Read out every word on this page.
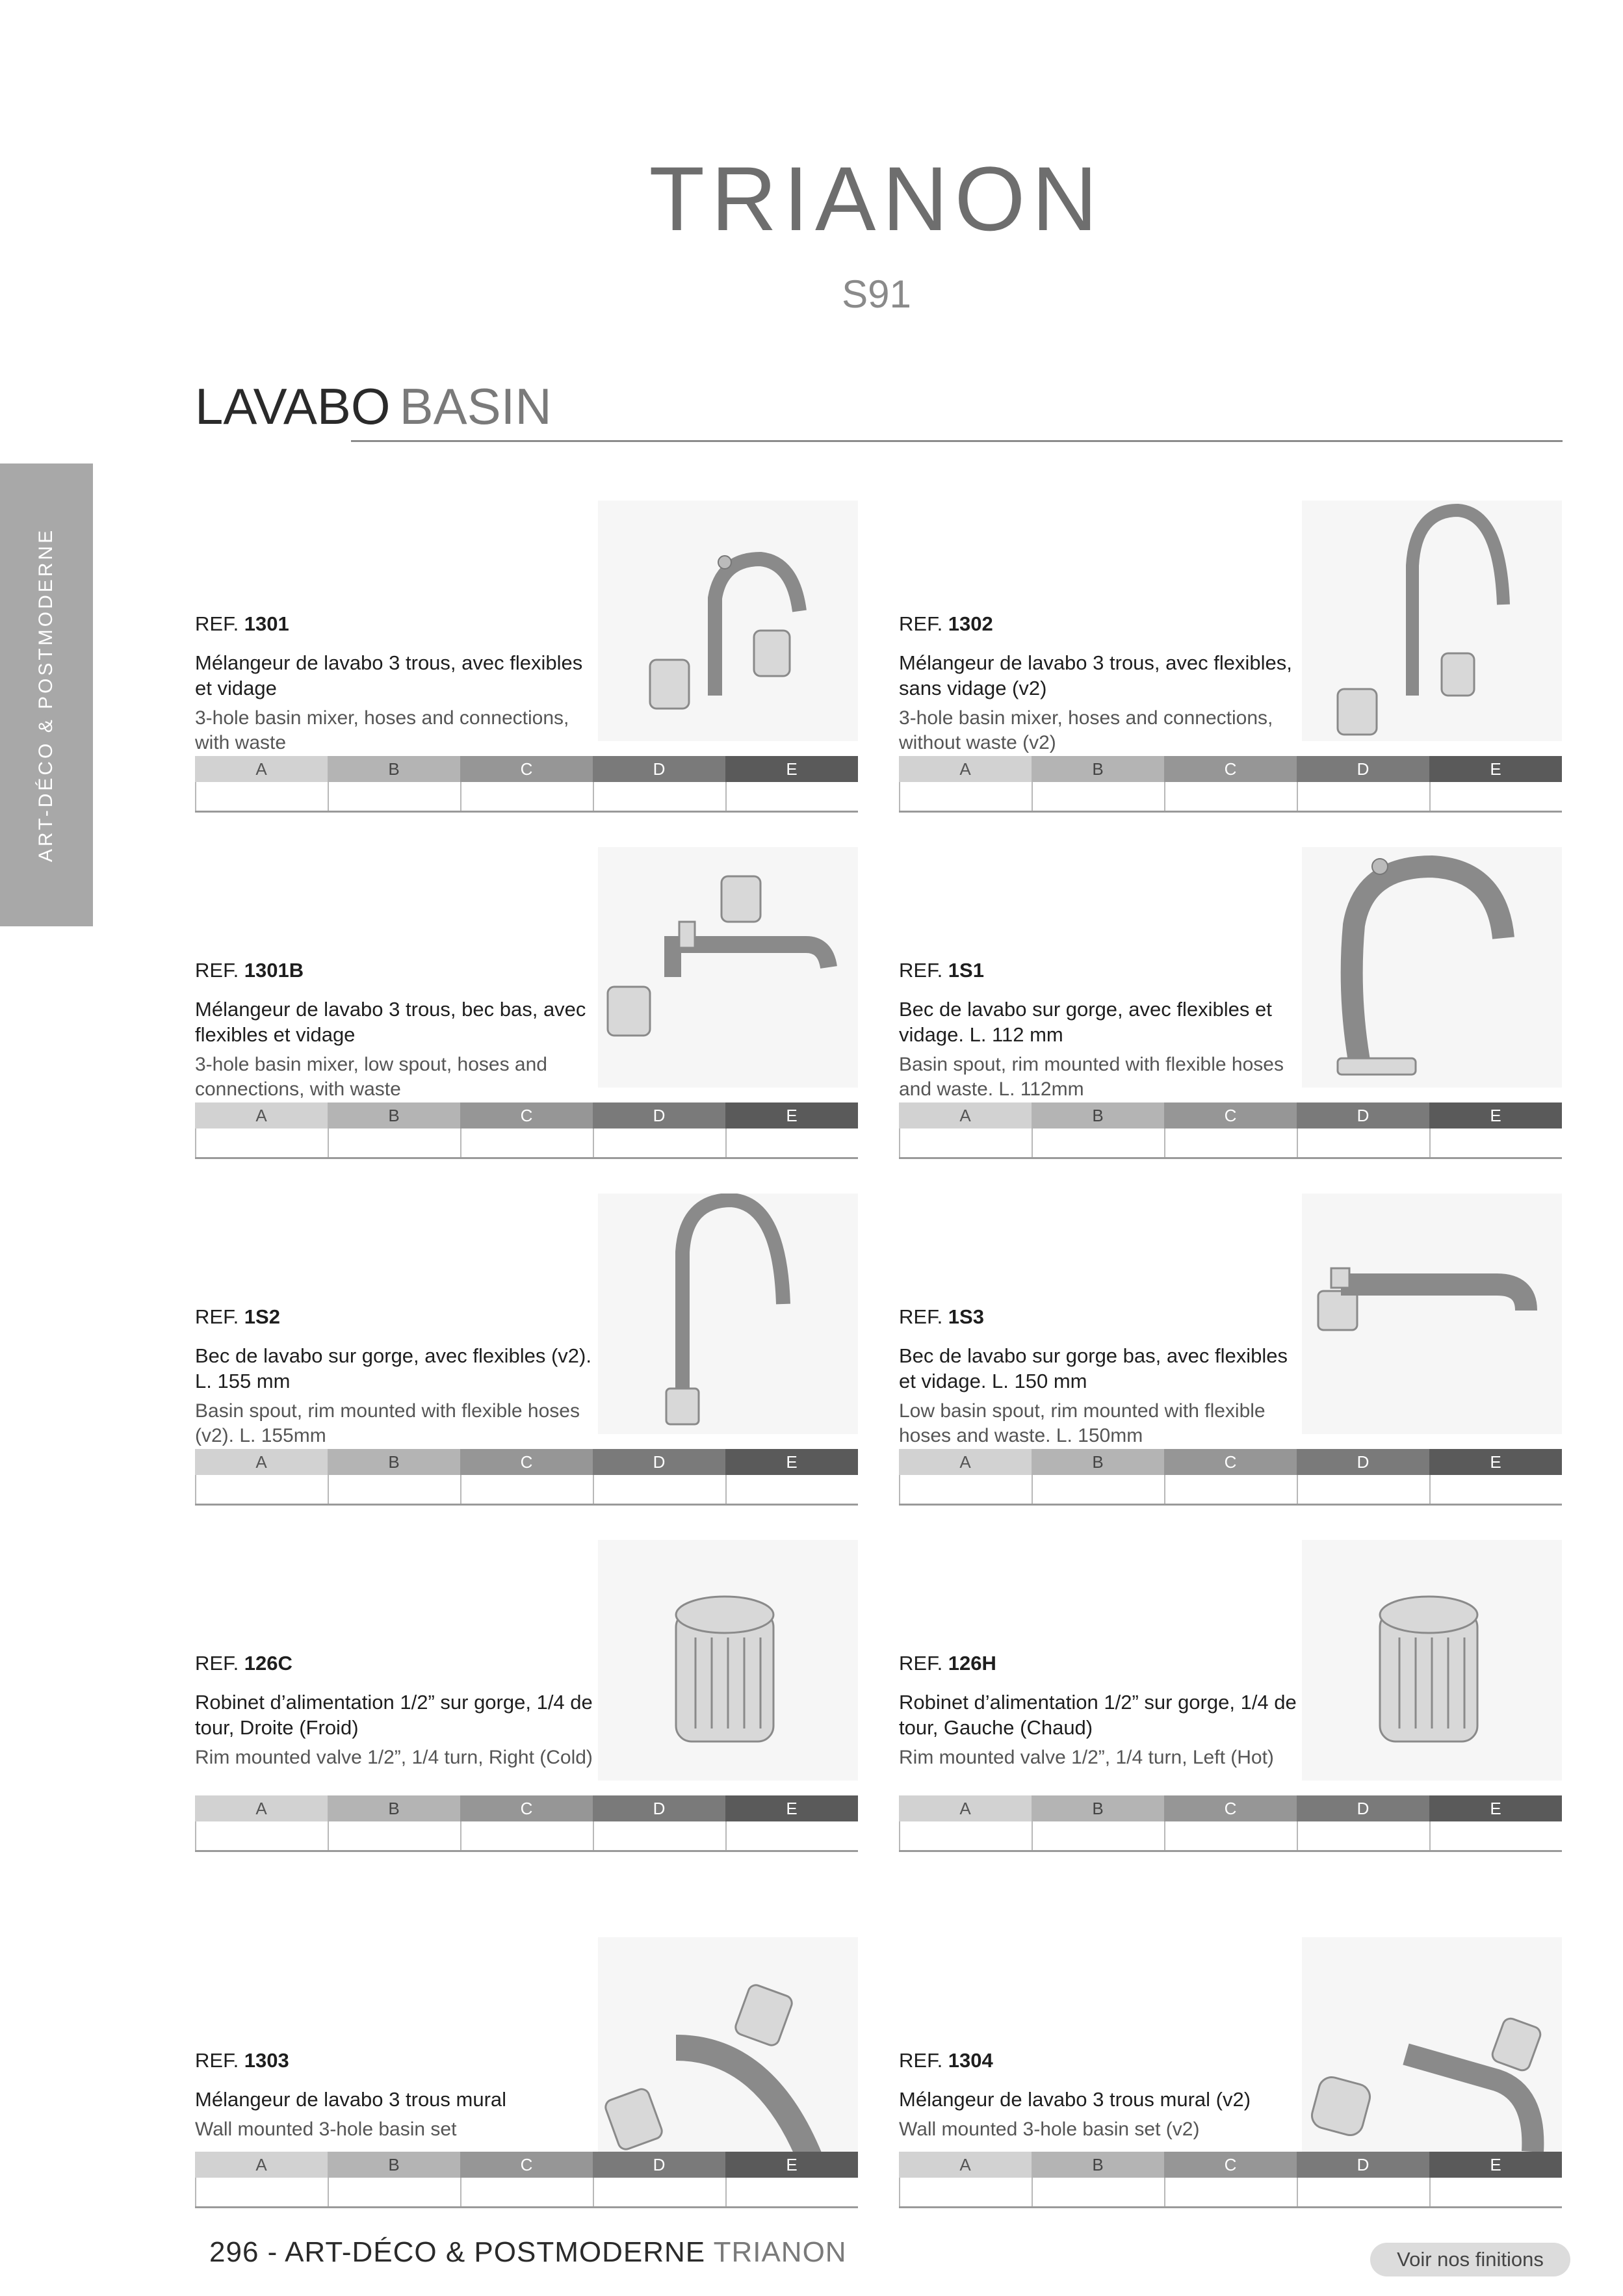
TRIANON
S91
LAVABO BASIN
ART-DÉCO & POSTMODERNE	REF. 1301
Mélangeur de lavabo 3 trous, avec flexibles et vidage
3-hole basin mixer, hoses and connections, with waste
A	B	C	D	E
REF. 1302
Mélangeur de lavabo 3 trous, avec flexibles, sans vidage (v2)
3-hole basin mixer, hoses and connections, without waste (v2)
A	B	C	D	E
REF. 1301B
Mélangeur de lavabo 3 trous, bec bas, avec flexibles et vidage
3-hole basin mixer, low spout, hoses and connections, with waste
A	B	C	D	E
REF. 1S1
Bec de lavabo sur gorge, avec flexibles et vidage. L. 112 mm
Basin spout, rim mounted with flexible hoses and waste. L. 112mm
A	B	C	D	E
REF. 1S2
Bec de lavabo sur gorge, avec flexibles (v2). L. 155 mm
Basin spout, rim mounted with flexible hoses (v2). L. 155mm
A	B	C	D	E
REF. 1S3
Bec de lavabo sur gorge bas, avec flexibles et vidage. L. 150 mm
Low basin spout, rim mounted with flexible hoses and waste. L. 150mm
A	B	C	D	E
REF. 126C
Robinet d’alimentation 1/2” sur gorge, 1/4 de tour, Droite (Froid)
Rim mounted valve 1/2”, 1/4 turn, Right (Cold)
A	B	C	D	E
REF. 126H
Robinet d’alimentation 1/2” sur gorge, 1/4 de tour, Gauche (Chaud)
Rim mounted valve 1/2”, 1/4 turn, Left (Hot)
A	B	C	D	E
REF. 1303
Mélangeur de lavabo 3 trous mural
Wall mounted 3-hole basin set
A	B	C	D	E
REF. 1304
Mélangeur de lavabo 3 trous mural (v2)
Wall mounted 3-hole basin set (v2)
A	B	C	D	E
296 - ART-DÉCO & POSTMODERNE TRIANON	Voir nos finitions
